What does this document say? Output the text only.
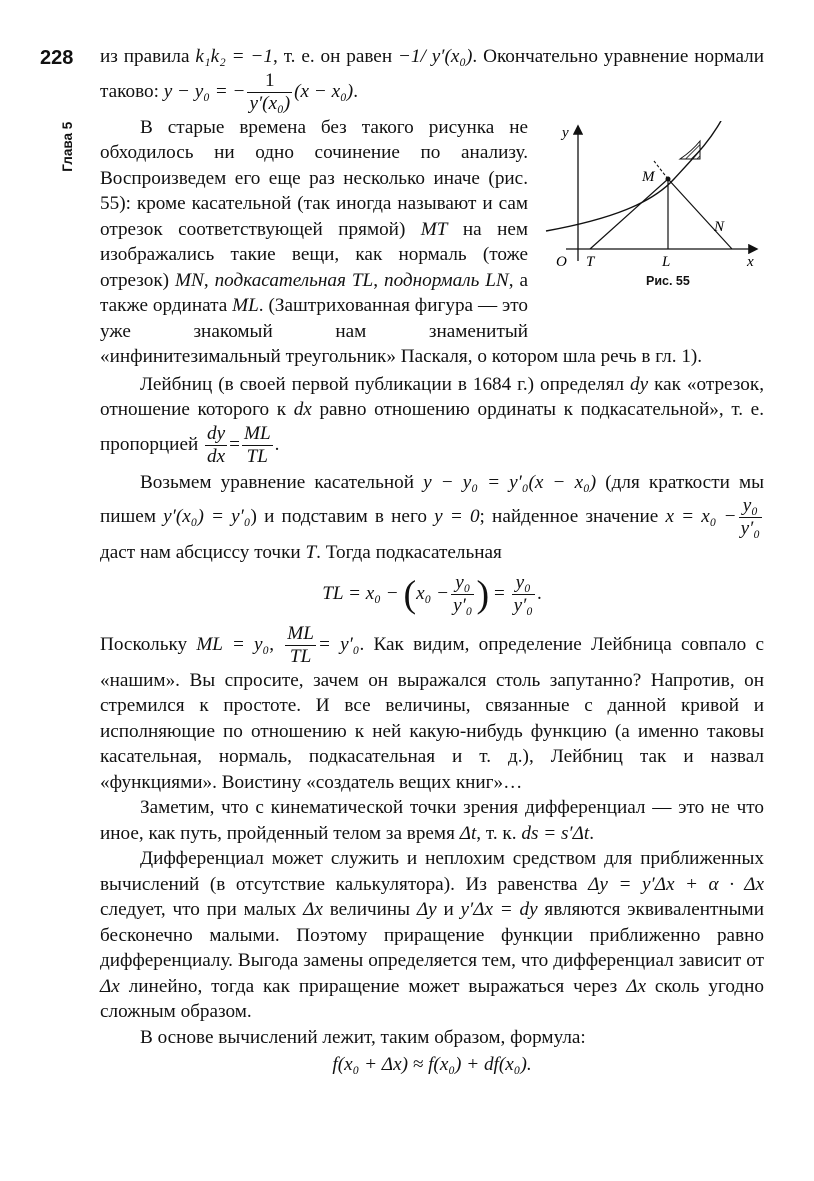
228
Глава 5

из правила k₁k₂ = −1, т. е. он равен −1/ y′(x₀). Окончательно уравнение нормали таково: y − y₀ = − $\frac{1}{\text{y′(x₀)}} (x - x_0)$.

O T	L	x
y
M
N
Рис. 55

В старые времена без такого рисунка не обходилось ни одно сочинение по анализу. Воспроизведем его еще раз несколько иначе (рис. 55): кроме касательной (так иногда называют и сам отрезок соответствующей прямой) MT на нем изображались такие вещи, как нормаль (тоже отрезок) MN, подкасательная TL, поднормаль LN, а также ордината ML. (Заштрихованная фигура — это уже знакомый нам знаменитый «инфинитезимальный треугольник» Паскаля, о котором шла речь в гл. 1).

Лейбниц (в своей первой публикации в 1684 г.) определял dy как «отрезок, отношение которого к dx равно отношению ординаты к подкасательной», т. е. пропорцией $\frac{dy}{dx} = \frac{ML}{TL}$ .

Возьмем уравнение касательной y − y₀ = y′₀(x − x₀) (для краткости мы пишем y′(x₀) = y′₀) и подставим в него y = 0; найденное значение $x = x_0 - \frac{\text{y₀}}{\text{y′₀}}$
даст нам абсциссу точки T. Тогда подкасательная

TL = $x_0 - (x_0 - \frac{\text{y₀}}{\text{y′₀}}$ ) = $\frac{\text{y₀}}{\text{y′₀}}$ .

Поскольку ML = y₀, $\frac{ML}{TL} = y'_0$. Как видим, определение Лейбница совпало с «нашим». Вы спросите, зачем он выражался столь запутанно? Напротив, он стремился к простоте. И все величины, связанные с данной кривой и исполняющие по отношению к ней какую-нибудь функцию (а именно таковы касательная, нормаль, подкасательная и т. д.), Лейбниц так и назвал «функциями». Воистину «создатель вещих книг»…

Заметим, что с кинематической точки зрения дифференциал — это не что иное, как путь, пройденный телом за время Δt, т. к. ds = s′Δt.

Дифференциал может служить и неплохим средством для приближенных вычислений (в отсутствие калькулятора). Из равенства Δy = y′Δx + α · Δx следует, что при малых Δx величины Δy и y′Δx = dy являются эквивалентными бесконечно малыми. Поэтому приращение функции приближенно равно дифференциалу. Выгода замены определяется тем, что дифференциал зависит от Δx линейно, тогда как приращение может выражаться через Δx сколь угодно сложным образом.

В основе вычислений лежит, таким образом, формула:

f(x₀ + Δx) ≈ f(x₀) + df(x₀).
